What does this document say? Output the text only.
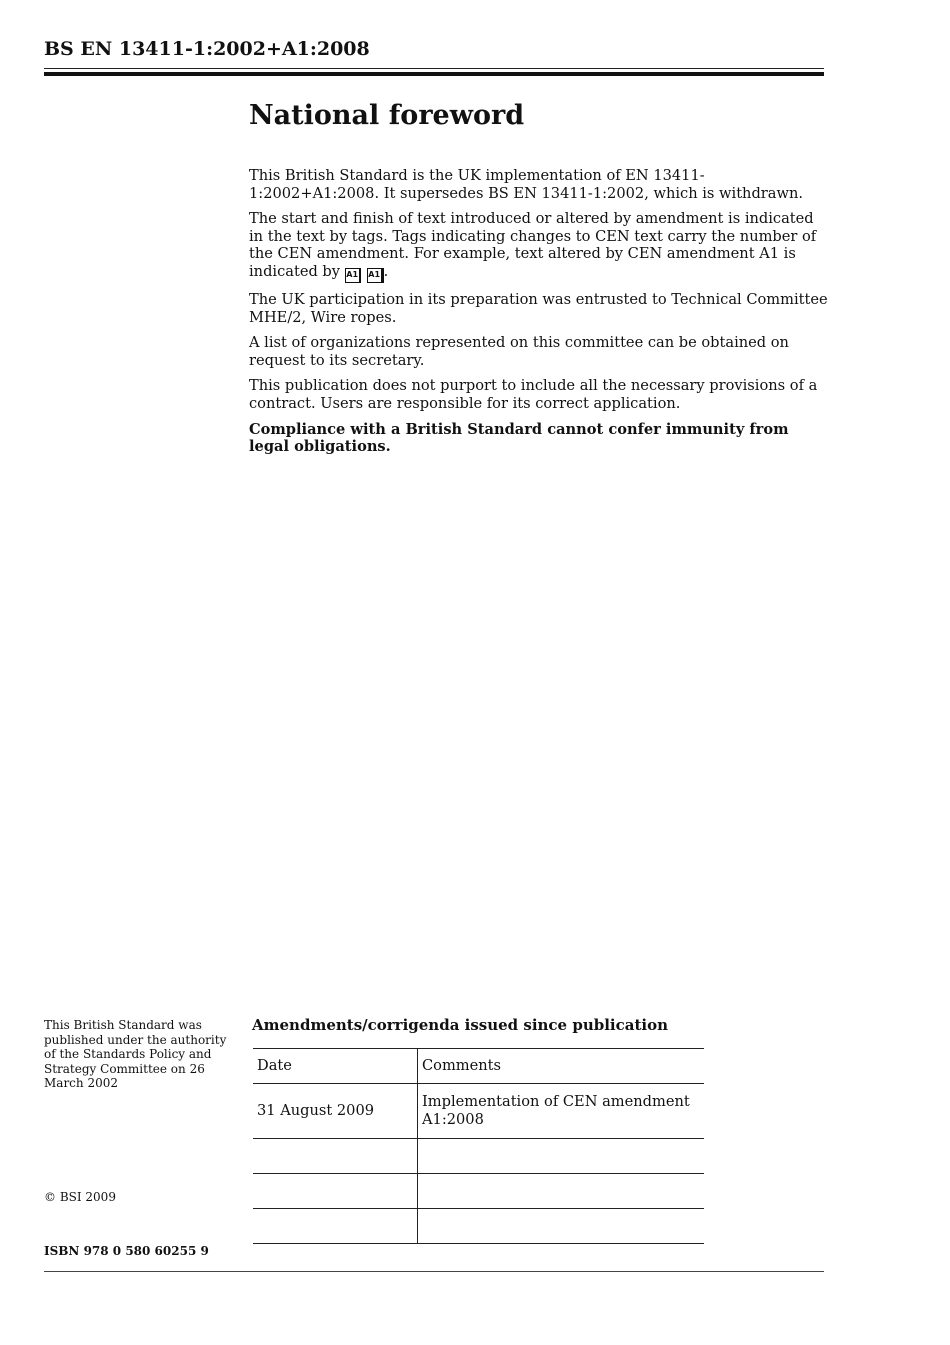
BS EN 13411-1:2002+A1:2008
National foreword

This British Standard is the UK implementation of EN 13411-1:2002+A1:2008. It supersedes BS EN 13411-1:2002, which is withdrawn.

The start and finish of text introduced or altered by amendment is indicated in the text by tags. Tags indicating changes to CEN text carry the number of the CEN amendment. For example, text altered by CEN amendment A1 is indicated by A1 A1 .

The UK participation in its preparation was entrusted to Technical Committee MHE/2, Wire ropes.

A list of organizations represented on this committee can be obtained on request to its secretary.

This publication does not purport to include all the necessary provisions of a contract. Users are responsible for its correct application.

Compliance with a British Standard cannot confer immunity from legal obligations.

This British Standard was published under the authority of the Standards Policy and Strategy Committee on 26 March 2002
© BSI 2009
ISBN 978 0 580 60255 9
Amendments/corrigenda issued since publication
Date	Comments
31 August 2009	Implementation of CEN amendment A1:2008
